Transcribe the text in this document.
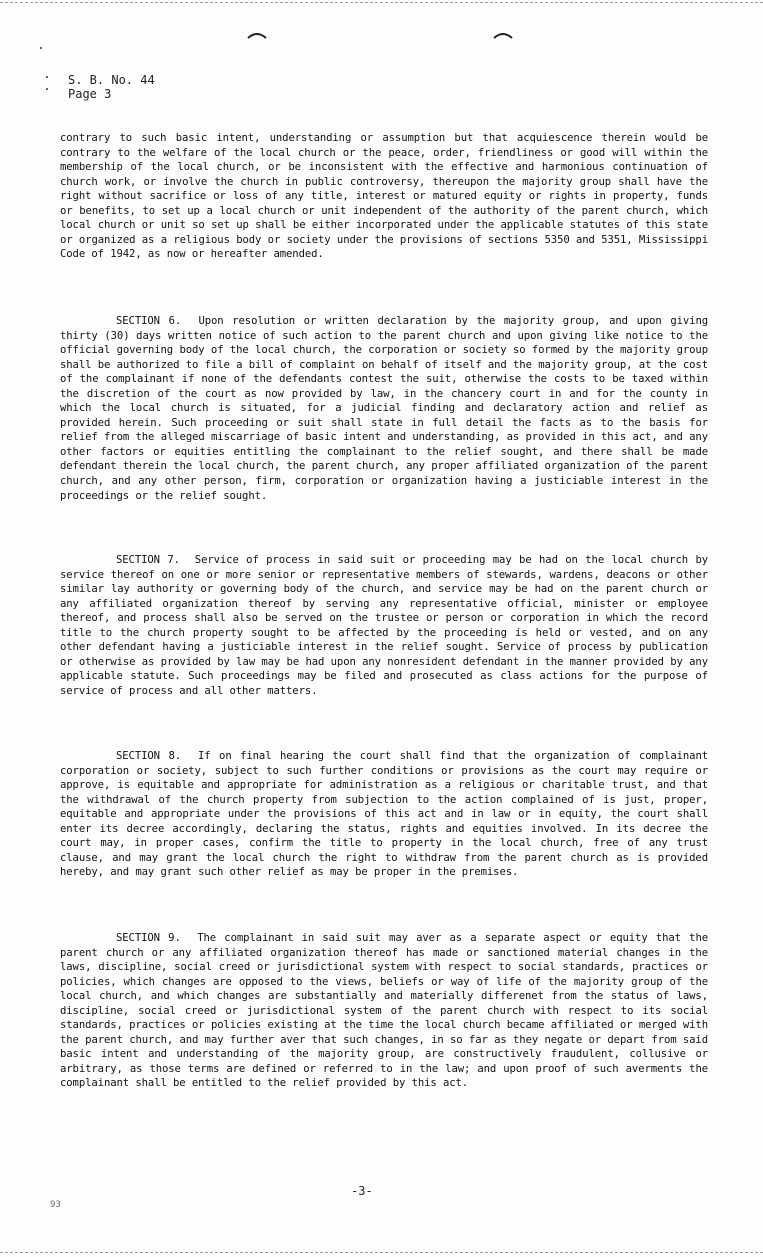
S. B. No. 44
Page 3
contrary to such basic intent, understanding or assumption but that acquiescence therein would be contrary to the welfare of the local church or the peace, order, friendliness or good will within the membership of the local church, or be inconsistent with the effective and harmonious continuation of church work, or involve the church in public controversy, thereupon the majority group shall have the right without sacrifice or loss of any title, interest or matured equity or rights in property, funds or benefits, to set up a local church or unit independent of the authority of the parent church, which local church or unit so set up shall be either incorporated under the applicable statutes of this state or organized as a religious body or society under the provisions of sections 5350 and 5351, Mississippi Code of 1942, as now or hereafter amended.
SECTION 6. Upon resolution or written declaration by the majority group, and upon giving thirty (30) days written notice of such action to the parent church and upon giving like notice to the official governing body of the local church, the corporation or society so formed by the majority group shall be authorized to file a bill of complaint on behalf of itself and the majority group, at the cost of the complainant if none of the defendants contest the suit, otherwise the costs to be taxed within the discretion of the court as now provided by law, in the chancery court in and for the county in which the local church is situated, for a judicial finding and declaratory action and relief as provided herein. Such proceeding or suit shall state in full detail the facts as to the basis for relief from the alleged miscarriage of basic intent and understanding, as provided in this act, and any other factors or equities entitling the complainant to the relief sought, and there shall be made defendant therein the local church, the parent church, any proper affiliated organization of the parent church, and any other person, firm, corporation or organization having a justiciable interest in the proceedings or the relief sought.
SECTION 7. Service of process in said suit or proceeding may be had on the local church by service thereof on one or more senior or representative members of stewards, wardens, deacons or other similar lay authority or governing body of the church, and service may be had on the parent church or any affiliated organization thereof by serving any representative official, minister or employee thereof, and process shall also be served on the trustee or person or corporation in which the record title to the church property sought to be affected by the proceeding is held or vested, and on any other defendant having a justiciable interest in the relief sought. Service of process by publication or otherwise as provided by law may be had upon any nonresident defendant in the manner provided by any applicable statute. Such proceedings may be filed and prosecuted as class actions for the purpose of service of process and all other matters.
SECTION 8. If on final hearing the court shall find that the organization of complainant corporation or society, subject to such further conditions or provisions as the court may require or approve, is equitable and appropriate for administration as a religious or charitable trust, and that the withdrawal of the church property from subjection to the action complained of is just, proper, equitable and appropriate under the provisions of this act and in law or in equity, the court shall enter its decree accordingly, declaring the status, rights and equities involved. In its decree the court may, in proper cases, confirm the title to property in the local church, free of any trust clause, and may grant the local church the right to withdraw from the parent church as is provided hereby, and may grant such other relief as may be proper in the premises.
SECTION 9. The complainant in said suit may aver as a separate aspect or equity that the parent church or any affiliated organization thereof has made or sanctioned material changes in the laws, discipline, social creed or jurisdictional system with respect to social standards, practices or policies, which changes are opposed to the views, beliefs or way of life of the majority group of the local church, and which changes are substantially and materially differenet from the status of laws, discipline, social creed or jurisdictional system of the parent church with respect to its social standards, practices or policies existing at the time the local church became affiliated or merged with the parent church, and may further aver that such changes, in so far as they negate or depart from said basic intent and understanding of the majority group, are constructively fraudulent, collusive or arbitrary, as those terms are defined or referred to in the law; and upon proof of such averments the complainant shall be entitled to the relief provided by this act.
-3-
93
